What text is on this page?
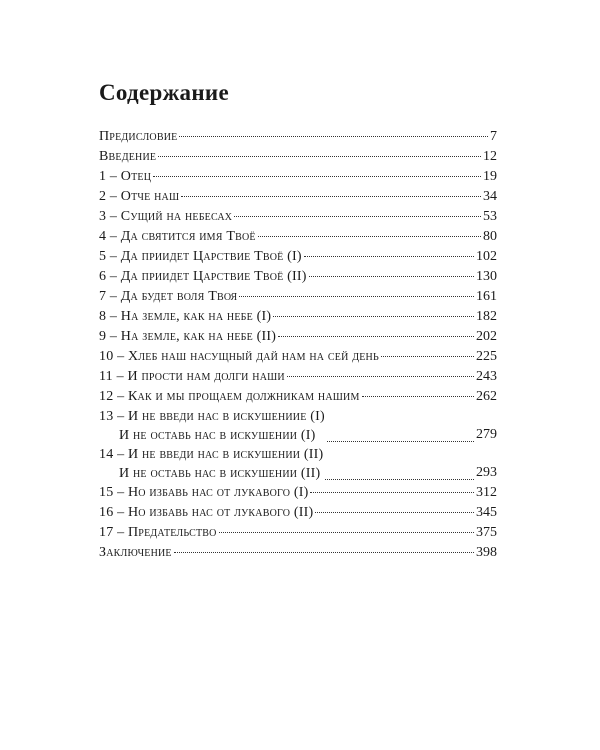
Содержание
Предисловие	7
Введение	12
1 – Отец	19
2 – Отче наш	34
3 – Сущий на небесах	53
4 – Да святится имя Твоё	80
5 – Да приидет Царствие Твоё (I)	102
6 – Да приидет Царствие Твоё (II)	130
7 – Да будет воля Твоя	161
8 – На земле, как на небе (I)	182
9 – На земле, как на небе (II)	202
10 – Хлеб наш насущный дай нам на сей день	225
11 – И прости нам долги наши	243
12 – Как и мы прощаем должникам нашим	262
13 – И не введи нас в искушениие (I)
И не оставь нас в искушении (I)	279
14 – И не введи нас в искушении (II)
И не оставь нас в искушении (II)	293
15 – Но избавь нас от лукавого (I)	312
16 – Но избавь нас от лукавого (II)	345
17 – Предательство	375
Заключение	398
